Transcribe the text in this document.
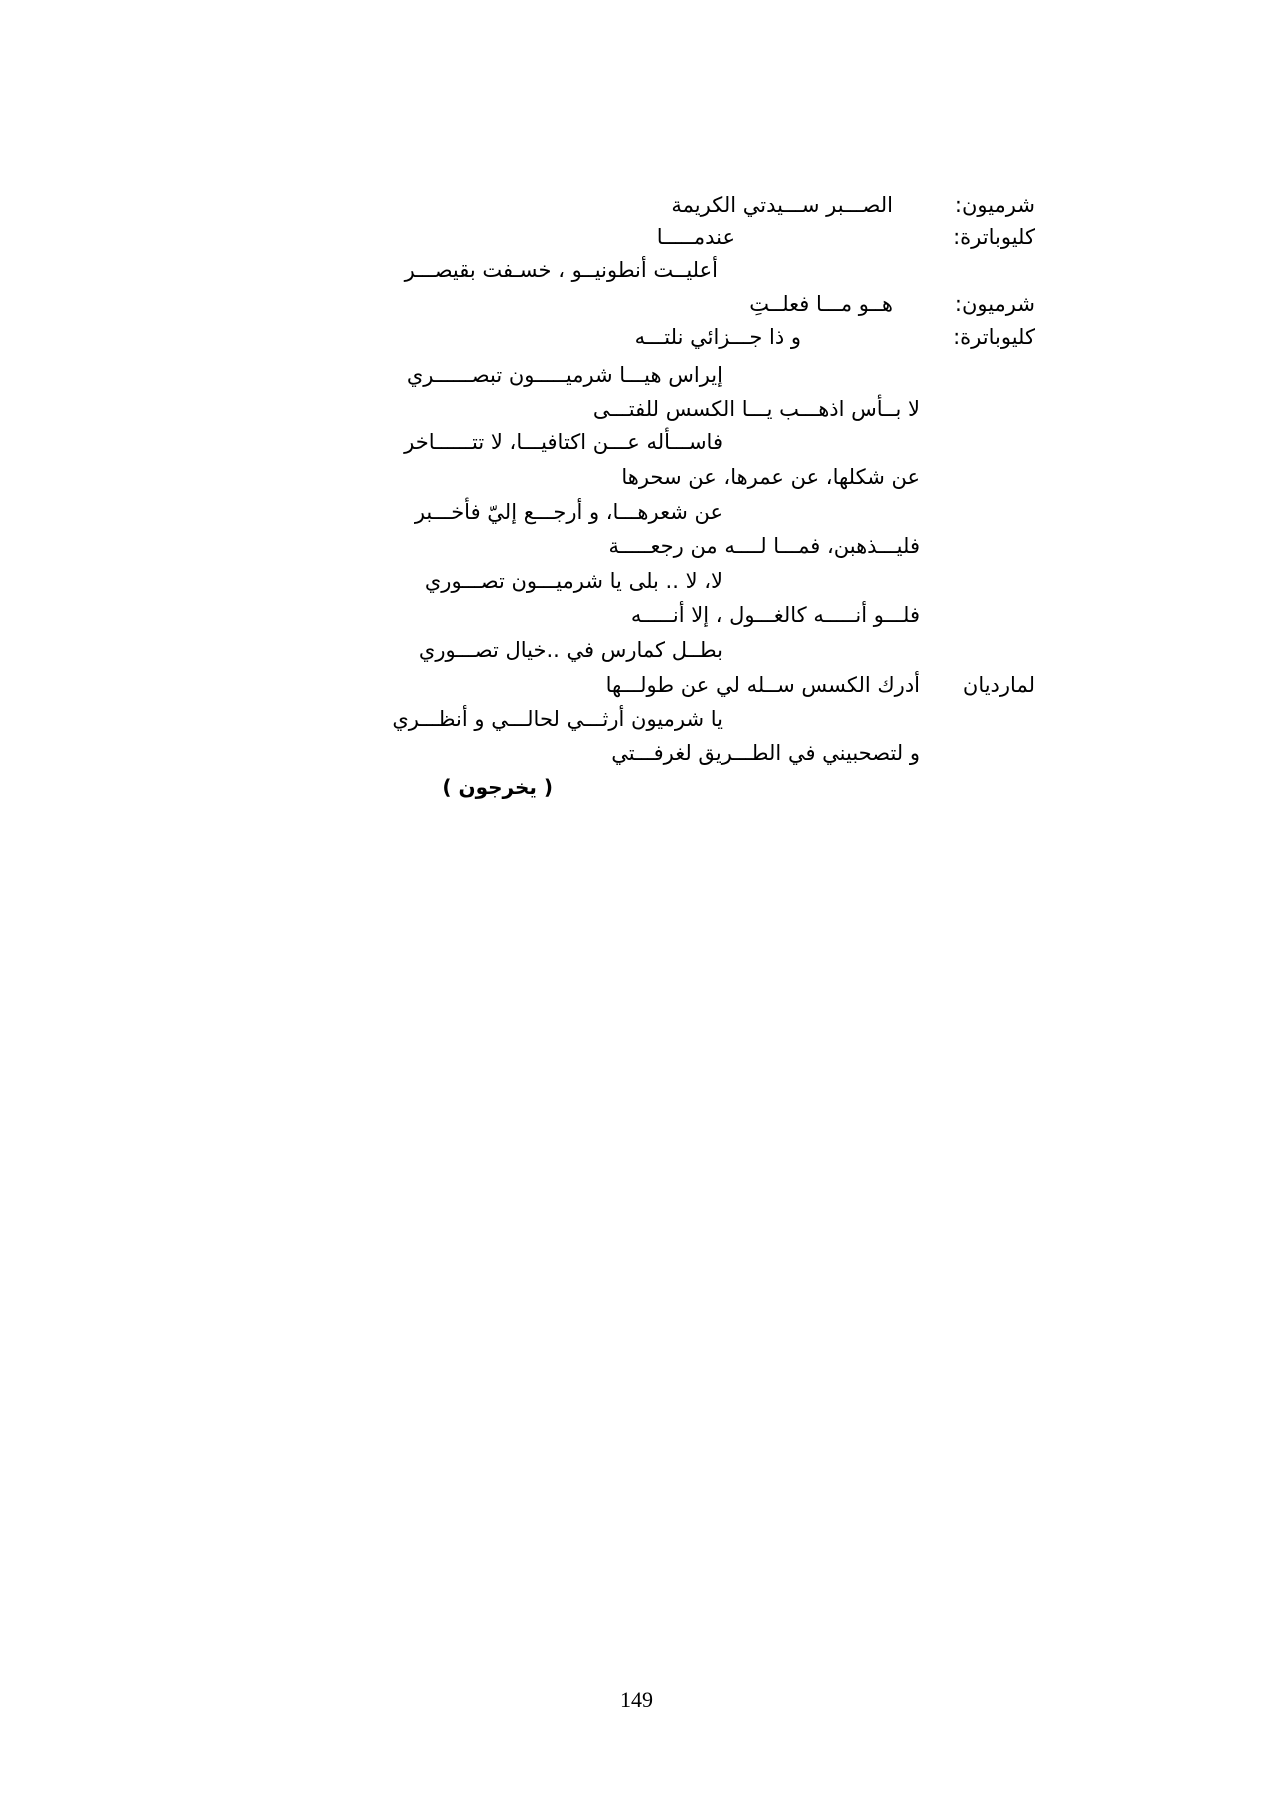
شرميون:
الصـــبر ســـيدتي الكريمة
كليوباترة:
عندمـــــا
أعليــت أنطونيــو ، خسـفت بقيصـــر
شرميون:
هــو مـــا فعلــتِ
كليوباترة:
و ذا جـــزائي نلتـــه
إيراس هيـــا شرميـــــون تبصــــــري
لا بــأس اذهـــب يـــا الكسس للفتـــى
فاســـأله عـــن اكتافيـــا، لا تتــــــاخر
عن شكلها، عن عمرها، عن سحرها
عن شعرهـــا، و أرجـــع إليّ فأخـــبر
فليـــذهبن، فمـــا لــــه من رجعـــــة
لا، لا .. بلى يا شرميـــون تصـــوري
فلـــو أنـــــه كالغـــول ، إلا أنـــــه
بطــل كمارس في ..خيال تصـــوري
لمارديان
أدرك الكسس ســله لي عن طولـــها
يا شرميون أرثـــي لحالـــي و أنظـــري
و لتصحبيني في الطـــريق لغرفـــتي
( يخرجون )
149
